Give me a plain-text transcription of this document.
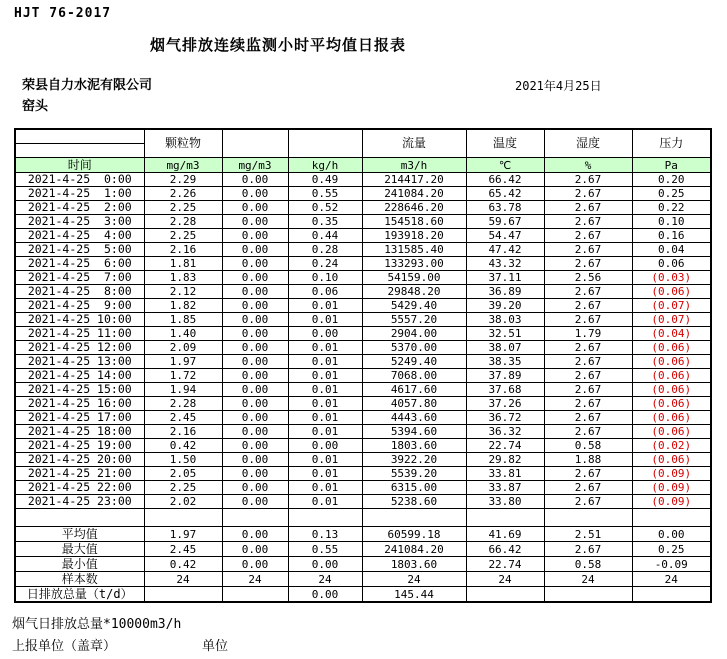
HJT 76-2017
烟气排放连续监测小时平均值日报表
荣县自力水泥有限公司
窑头
2021年4月25日
	颗粒物			流量	温度	湿度	压力

时间	mg/m3	mg/m3	kg/h	m3/h	℃	%	Pa
2021-4-25  0:00	2.29	0.00	0.49	214417.20	66.42	2.67	0.20
2021-4-25  1:00	2.26	0.00	0.55	241084.20	65.42	2.67	0.25
2021-4-25  2:00	2.25	0.00	0.52	228646.20	63.78	2.67	0.22
2021-4-25  3:00	2.28	0.00	0.35	154518.60	59.67	2.67	0.10
2021-4-25  4:00	2.25	0.00	0.44	193918.20	54.47	2.67	0.16
2021-4-25  5:00	2.16	0.00	0.28	131585.40	47.42	2.67	0.04
2021-4-25  6:00	1.81	0.00	0.24	133293.00	43.32	2.67	0.06
2021-4-25  7:00	1.83	0.00	0.10	54159.00	37.11	2.56	(0.03)
2021-4-25  8:00	2.12	0.00	0.06	29848.20	36.89	2.67	(0.06)
2021-4-25  9:00	1.82	0.00	0.01	5429.40	39.20	2.67	(0.07)
2021-4-25 10:00	1.85	0.00	0.01	5557.20	38.03	2.67	(0.07)
2021-4-25 11:00	1.40	0.00	0.00	2904.00	32.51	1.79	(0.04)
2021-4-25 12:00	2.09	0.00	0.01	5370.00	38.07	2.67	(0.06)
2021-4-25 13:00	1.97	0.00	0.01	5249.40	38.35	2.67	(0.06)
2021-4-25 14:00	1.72	0.00	0.01	7068.00	37.89	2.67	(0.06)
2021-4-25 15:00	1.94	0.00	0.01	4617.60	37.68	2.67	(0.06)
2021-4-25 16:00	2.28	0.00	0.01	4057.80	37.26	2.67	(0.06)
2021-4-25 17:00	2.45	0.00	0.01	4443.60	36.72	2.67	(0.06)
2021-4-25 18:00	2.16	0.00	0.01	5394.60	36.32	2.67	(0.06)
2021-4-25 19:00	0.42	0.00	0.00	1803.60	22.74	0.58	(0.02)
2021-4-25 20:00	1.50	0.00	0.01	3922.20	29.82	1.88	(0.06)
2021-4-25 21:00	2.05	0.00	0.01	5539.20	33.81	2.67	(0.09)
2021-4-25 22:00	2.25	0.00	0.01	6315.00	33.87	2.67	(0.09)
2021-4-25 23:00	2.02	0.00	0.01	5238.60	33.80	2.67	(0.09)

平均值	1.97	0.00	0.13	60599.18	41.69	2.51	0.00
最大值	2.45	0.00	0.55	241084.20	66.42	2.67	0.25
最小值	0.42	0.00	0.00	1803.60	22.74	0.58	-0.09
样本数	24	24	24	24	24	24	24
日排放总量（t/d）			0.00	145.44			
烟气日排放总量*10000m3/h
上报单位（盖章）	单位
